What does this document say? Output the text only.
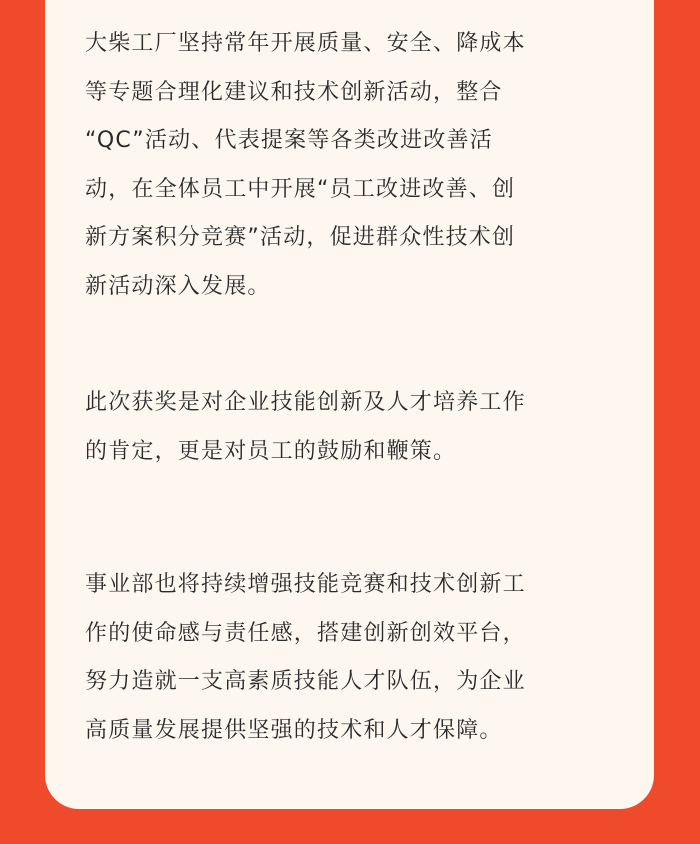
大柴工厂坚持常年开展质量、安全、降成本
等专题合理化建议和技术创新活动，整合
“QC”活动、代表提案等各类改进改善活
动，在全体员工中开展“员工改进改善、创
新方案积分竞赛”活动，促进群众性技术创
新活动深入发展。
此次获奖是对企业技能创新及人才培养工作
的肯定，更是对员工的鼓励和鞭策。
事业部也将持续增强技能竞赛和技术创新工
作的使命感与责任感，搭建创新创效平台，
努力造就一支高素质技能人才队伍，为企业
高质量发展提供坚强的技术和人才保障。
